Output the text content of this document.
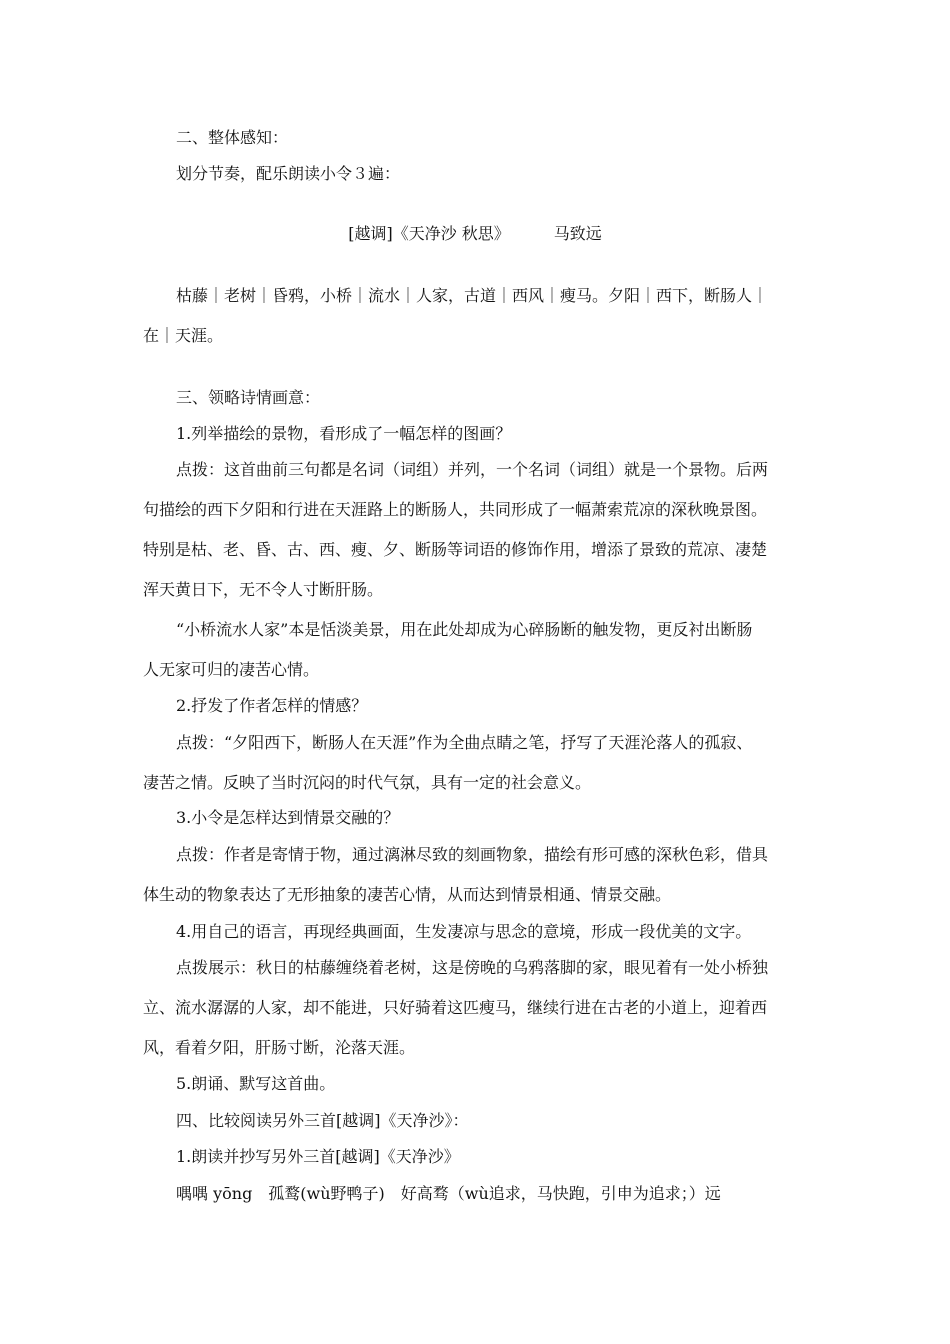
二、整体感知：
划分节奏，配乐朗读小令３遍：
[越调]《天净沙 秋思》	马致远
枯藤｜老树｜昏鸦，小桥｜流水｜人家，古道｜西风｜瘦马。夕阳｜西下，断肠人｜
在｜天涯。
三、领略诗情画意：
1.列举描绘的景物，看形成了一幅怎样的图画？
点拨：这首曲前三句都是名词（词组）并列，一个名词（词组）就是一个景物。后两
句描绘的西下夕阳和行进在天涯路上的断肠人，共同形成了一幅萧索荒凉的深秋晚景图。
特别是枯、老、昏、古、西、瘦、夕、断肠等词语的修饰作用，增添了景致的荒凉、凄楚
浑天黄日下，无不令人寸断肝肠。
“小桥流水人家”本是恬淡美景，用在此处却成为心碎肠断的触发物，更反衬出断肠
人无家可归的凄苦心情。
2.抒发了作者怎样的情感？
点拨：“夕阳西下，断肠人在天涯”作为全曲点睛之笔，抒写了天涯沦落人的孤寂、
凄苦之情。反映了当时沉闷的时代气氛，具有一定的社会意义。
3.小令是怎样达到情景交融的？
点拨：作者是寄情于物，通过漓淋尽致的刻画物象，描绘有形可感的深秋色彩，借具
体生动的物象表达了无形抽象的凄苦心情，从而达到情景相通、情景交融。
4.用自己的语言，再现经典画面，生发凄凉与思念的意境，形成一段优美的文字。
点拨展示：秋日的枯藤缠绕着老树，这是傍晚的乌鸦落脚的家，眼见着有一处小桥独
立、流水潺潺的人家，却不能进，只好骑着这匹瘦马，继续行进在古老的小道上，迎着西
风，看着夕阳，肝肠寸断，沦落天涯。
5.朗诵、默写这首曲。
四、比较阅读另外三首[越调]《天净沙》：
1.朗读并抄写另外三首[越调]《天净沙》
喁喁 yōng　孤鹜(wù野鸭子)　好高骛（wù追求，马快跑，引申为追求；）远
